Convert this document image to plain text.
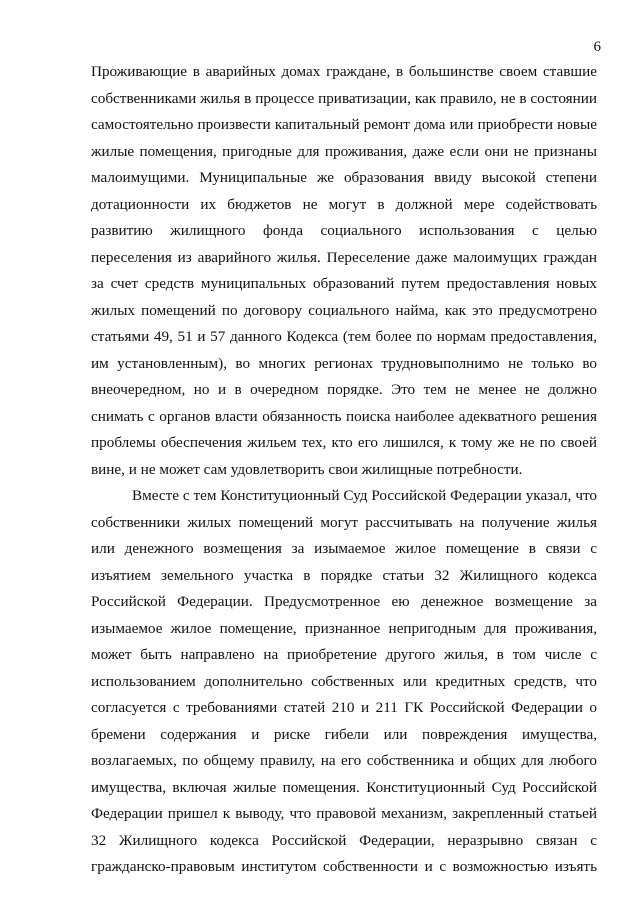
6
Проживающие в аварийных домах граждане, в большинстве своем ставшие
собственниками жилья в процессе приватизации, как правило, не в состоянии
самостоятельно произвести капитальный ремонт дома или приобрести новые
жилые помещения, пригодные для проживания, даже если они не признаны
малоимущими. Муниципальные же образования ввиду высокой степени
дотационности их бюджетов не могут в должной мере содействовать
развитию жилищного фонда социального использования с целью
переселения из аварийного жилья. Переселение даже малоимущих граждан
за счет средств муниципальных образований путем предоставления новых
жилых помещений по договору социального найма, как это предусмотрено
статьями 49, 51 и 57 данного Кодекса (тем более по нормам предоставления,
им установленным), во многих регионах трудновыполнимо не только во
внеочередном, но и в очередном порядке. Это тем не менее не должно
снимать с органов власти обязанность поиска наиболее адекватного решения
проблемы обеспечения жильем тех, кто его лишился, к тому же не по своей
вине, и не может сам удовлетворить свои жилищные потребности.
Вместе с тем Конституционный Суд Российской Федерации указал, что
собственники жилых помещений могут рассчитывать на получение жилья
или денежного возмещения за изымаемое жилое помещение в связи с
изъятием земельного участка в порядке статьи 32 Жилищного кодекса
Российской Федерации. Предусмотренное ею денежное возмещение за
изымаемое жилое помещение, признанное непригодным для проживания,
может быть направлено на приобретение другого жилья, в том числе с
использованием дополнительно собственных или кредитных средств, что
согласуется с требованиями статей 210 и 211 ГК Российской Федерации о
бремени содержания и риске гибели или повреждения имущества,
возлагаемых, по общему правилу, на его собственника и общих для любого
имущества, включая жилые помещения. Конституционный Суд Российской
Федерации пришел к выводу, что правовой механизм, закрепленный статьей
32 Жилищного кодекса Российской Федерации, неразрывно связан с
гражданско-правовым институтом собственности и с возможностью изъять
